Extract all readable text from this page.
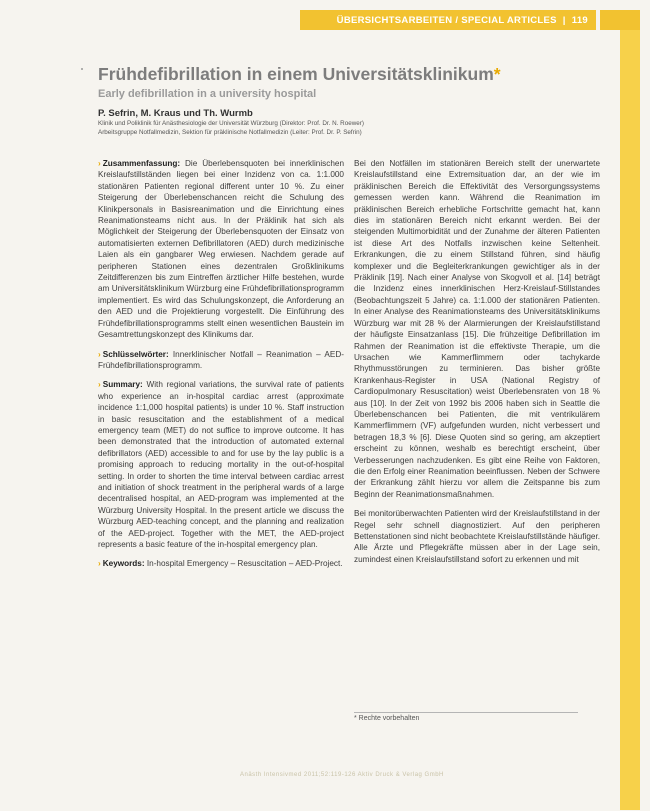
ÜBERSICHTSARBEITEN / SPECIAL ARTICLES | 119
Frühdefibrillation in einem Universitätsklinikum*
Early defibrillation in a university hospital
P. Sefrin, M. Kraus und Th. Wurmb
Klinik und Poliklinik für Anästhesiologie der Universität Würzburg (Direktor: Prof. Dr. N. Roewer)
Arbeitsgruppe Notfallmedizin, Sektion für präklinische Notfallmedizin (Leiter: Prof. Dr. P. Sefrin)

› Zusammenfassung: Die Überlebensquoten bei innerklinischen Kreislaufstillständen liegen bei einer Inzidenz von ca. 1:1.000 stationären Patienten regional different unter 10 %. Zu einer Steigerung der Überlebenschancen reicht die Schulung des Klinikpersonals in Basisreanimation und die Einrichtung eines Reanimationsteams nicht aus. In der Präklinik hat sich als Möglichkeit der Steigerung der Überlebensquoten der Einsatz von automatisierten externen Defibrillatoren (AED) durch medizinische Laien als ein gangbarer Weg erwiesen. Nachdem gerade auf peripheren Stationen eines dezentralen Großklinikums Zeitdifferenzen bis zum Eintreffen ärztlicher Hilfe bestehen, wurde am Universitätsklinikum Würzburg eine Frühdefibrillationsprogramm implementiert. Es wird das Schulungskonzept, die Anforderung an den AED und die Projektierung vorgestellt. Die Einführung des Frühdefibrillationsprogramms stellt einen wesentlichen Baustein im Gesamtrettungskonzept des Klinikums dar.

› Schlüsselwörter: Innerklinischer Notfall – Reanimation – AED-Frühdefibrillationsprogramm.

› Summary: With regional variations, the survival rate of patients who experience an in-hospital cardiac arrest (approximate incidence 1:1,000 hospital patients) is under 10 %. Staff instruction in basic resuscitation and the establishment of a medical emergency team (MET) do not suffice to improve outcome. It has been demonstrated that the introduction of automated external defibrillators (AED) accessible to and for use by the lay public is a promising approach to reducing mortality in the out-of-hospital setting. In order to shorten the time interval between cardiac arrest and initiation of shock treatment in the peripheral wards of a large decentralised hospital, an AED-program was implemented at the Würzburg University Hospital. In the present article we discuss the Würzburg AED-teaching concept, and the planning and realization of the AED-project. Together with the MET, the AED-project represents a basic feature of the in-hospital emergency plan.

› Keywords: In-hospital Emergency – Resuscitation – AED-Project.

Bei den Notfällen im stationären Bereich stellt der unerwartete Kreislaufstillstand eine Extremsituation dar, an der wie im präklinischen Bereich die Effektivität des Versorgungssystems gemessen werden kann. Während die Reanimation im präklinischen Bereich erhebliche Fortschritte gemacht hat, kann dies im stationären Bereich nicht erkannt werden. Bei der steigenden Multimorbidität und der Zunahme der älteren Patienten ist diese Art des Notfalls inzwischen keine Seltenheit. Erkrankungen, die zu einem Stillstand führen, sind häufig komplexer und die Begleiterkrankungen gewichtiger als in der Präklinik [19]. Nach einer Analyse von Skogvoll et al. [14] beträgt die Inzidenz eines innerklinischen Herz-Kreislauf-Stillstandes (Beobachtungszeit 5 Jahre) ca. 1:1.000 der stationären Patienten. In einer Analyse des Reanimationsteams des Universitätsklinikums Würzburg war mit 28 % der Alarmierungen der Kreislaufstillstand der häufigste Einsatzanlass [15]. Die frühzeitige Defibrillation im Rahmen der Reanimation ist die effektivste Therapie, um die Ursachen wie Kammerflimmern oder tachykarde Rhythmusstörungen zu terminieren. Das bisher größte Krankenhaus-Register in USA (National Registry of Cardiopulmonary Resuscitation) weist Überlebensraten von 18 % aus [10]. In der Zeit von 1992 bis 2006 haben sich in Seattle die Überlebenschancen bei Patienten, die mit ventrikulärem Kammerflimmern (VF) aufgefunden wurden, nicht verbessert und betragen 18,3 % [6]. Diese Quoten sind so gering, am akzeptiert erscheint zu können, weshalb es berechtigt erscheint, über Verbesserungen nachzudenken. Es gibt eine Reihe von Faktoren, die den Erfolg einer Reanimation beeinflussen. Neben der Schwere der Erkrankung zählt hierzu vor allem die Zeitspanne bis zum Beginn der Reanimationsmaßnahmen.

Bei monitorüberwachten Patienten wird der Kreislaufstillstand in der Regel sehr schnell diagnostiziert. Auf den peripheren Bettenstationen sind nicht beobachtete Kreislaufstillstände häufiger. Alle Ärzte und Pflegekräfte müssen aber in der Lage sein, zumindest einen Kreislaufstillstand sofort zu erkennen und mit

* Rechte vorbehalten
Anästh Intensivmed 2011;52:119-126 Aktiv Druck & Verlag GmbH
